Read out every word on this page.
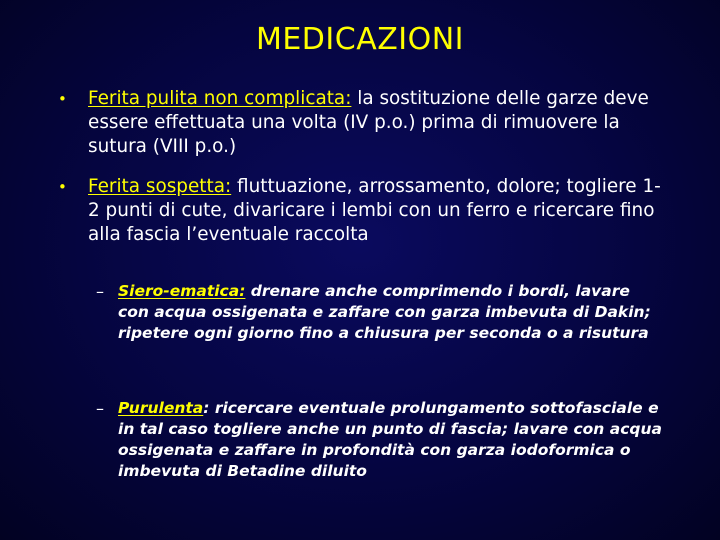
MEDICAZIONI
• Ferita pulita non complicata: la sostituzione delle garze deve essere effettuata una volta (IV p.o.) prima di rimuovere la sutura (VIII p.o.)
• Ferita sospetta: fluttuazione, arrossamento, dolore; togliere 1-2 punti di cute, divaricare i lembi con un ferro e ricercare fino alla fascia l’eventuale raccolta
– Siero-ematica: drenare anche comprimendo i bordi, lavare con acqua ossigenata e zaffare con garza imbevuta di Dakin; ripetere ogni giorno fino a chiusura per seconda o a risutura
– Purulenta: ricercare eventuale prolungamento sottofasciale e in tal caso togliere anche un punto di fascia; lavare con acqua ossigenata e zaffare in profondità con garza iodoformica o imbevuta di Betadine diluito
